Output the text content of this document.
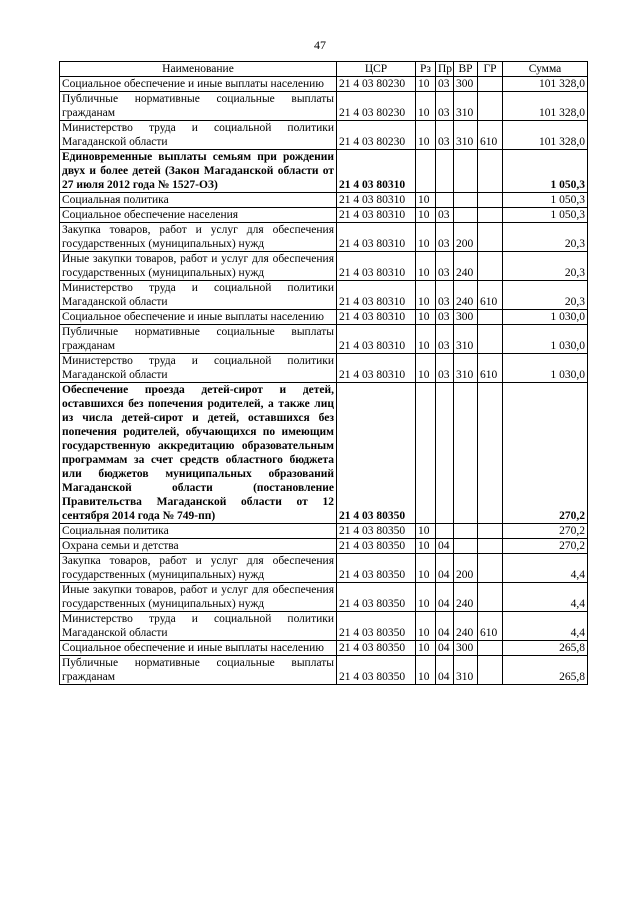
47
Наименование	ЦСР	Рз	Пр	ВР	ГР	Сумма
Социальное обеспечение и иные выплаты населению	21 4 03 80230	10	03	300		101 328,0
Публичные нормативные социальные выплаты гражданам	21 4 03 80230	10	03	310		101 328,0
Министерство труда и социальной политики Магаданской области	21 4 03 80230	10	03	310	610	101 328,0
Единовременные выплаты семьям при рождении двух и более детей (Закон Магаданской области от 27 июля 2012 года № 1527-ОЗ)	21 4 03 80310					1 050,3
Социальная политика	21 4 03 80310	10				1 050,3
Социальное обеспечение населения	21 4 03 80310	10	03			1 050,3
Закупка товаров, работ и услуг для обеспечения государственных (муниципальных) нужд	21 4 03 80310	10	03	200		20,3
Иные закупки товаров, работ и услуг для обеспечения государственных (муниципальных) нужд	21 4 03 80310	10	03	240		20,3
Министерство труда и социальной политики Магаданской области	21 4 03 80310	10	03	240	610	20,3
Социальное обеспечение и иные выплаты населению	21 4 03 80310	10	03	300		1 030,0
Публичные нормативные социальные выплаты гражданам	21 4 03 80310	10	03	310		1 030,0
Министерство труда и социальной политики Магаданской области	21 4 03 80310	10	03	310	610	1 030,0
Обеспечение проезда детей-сирот и детей, оставшихся без попечения родителей, а также лиц из числа детей-сирот и детей, оставшихся без попечения родителей, обучающихся по имеющим государственную аккредитацию образовательным программам за счет средств областного бюджета или бюджетов муниципальных образований Магаданской области (постановление Правительства Магаданской области от 12 сентября 2014 года № 749-пп)	21 4 03 80350					270,2
Социальная политика	21 4 03 80350	10				270,2
Охрана семьи и детства	21 4 03 80350	10	04			270,2
Закупка товаров, работ и услуг для обеспечения государственных (муниципальных) нужд	21 4 03 80350	10	04	200		4,4
Иные закупки товаров, работ и услуг для обеспечения государственных (муниципальных) нужд	21 4 03 80350	10	04	240		4,4
Министерство труда и социальной политики Магаданской области	21 4 03 80350	10	04	240	610	4,4
Социальное обеспечение и иные выплаты населению	21 4 03 80350	10	04	300		265,8
Публичные нормативные социальные выплаты гражданам	21 4 03 80350	10	04	310		265,8
